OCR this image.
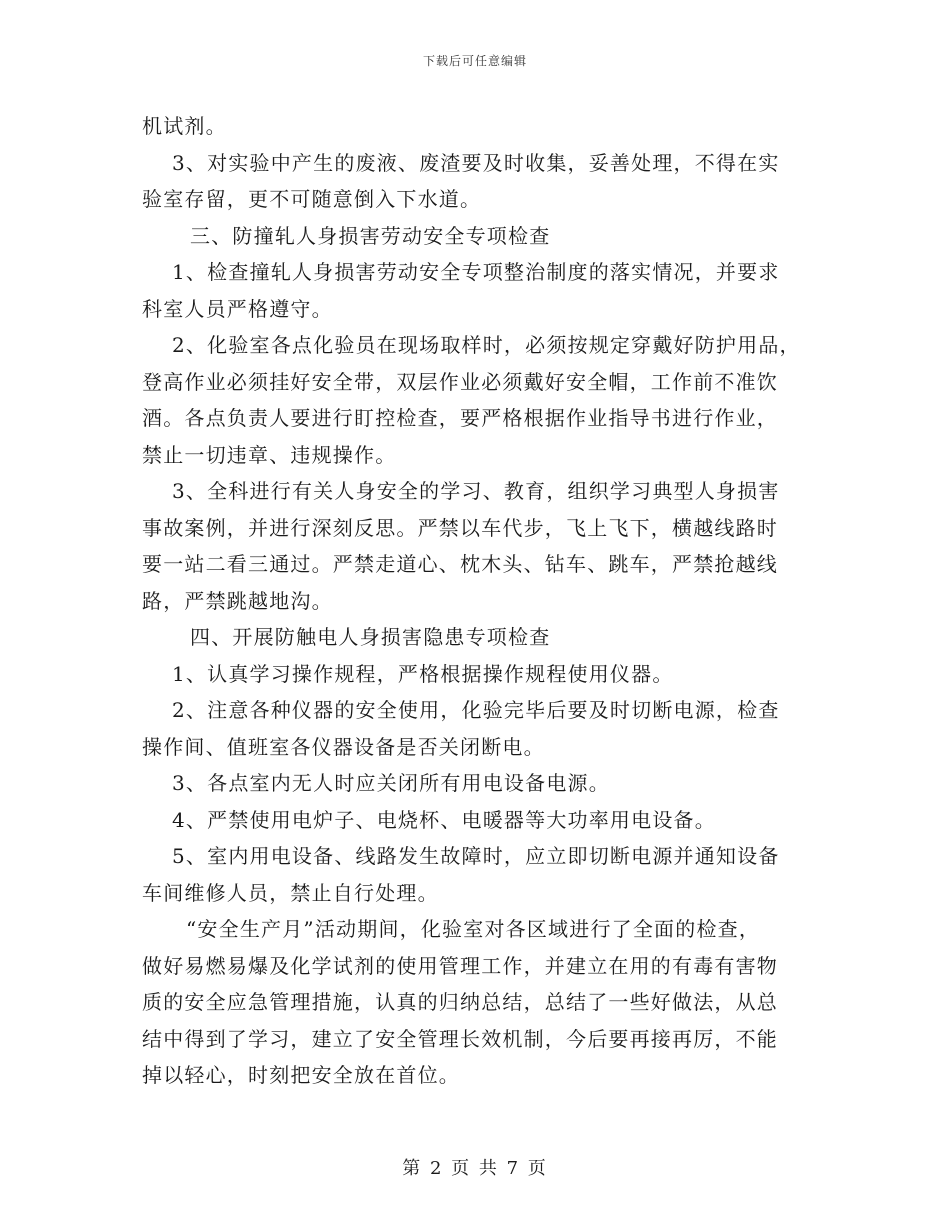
下载后可任意编辑
机试剂。
3、对实验中产生的废液、废渣要及时收集，妥善处理，不得在实
验室存留，更不可随意倒入下水道。
三、防撞轧人身损害劳动安全专项检查
1、检查撞轧人身损害劳动安全专项整治制度的落实情况，并要求
科室人员严格遵守。
2、化验室各点化验员在现场取样时，必须按规定穿戴好防护用品，
登高作业必须挂好安全带，双层作业必须戴好安全帽，工作前不准饮
酒。各点负责人要进行盯控检查，要严格根据作业指导书进行作业，
禁止一切违章、违规操作。
3、全科进行有关人身安全的学习、教育，组织学习典型人身损害
事故案例，并进行深刻反思。严禁以车代步，飞上飞下，横越线路时
要一站二看三通过。严禁走道心、枕木头、钻车、跳车，严禁抢越线
路，严禁跳越地沟。
四、开展防触电人身损害隐患专项检查
1、认真学习操作规程，严格根据操作规程使用仪器。
2、注意各种仪器的安全使用，化验完毕后要及时切断电源，检查
操作间、值班室各仪器设备是否关闭断电。
3、各点室内无人时应关闭所有用电设备电源。
4、严禁使用电炉子、电烧杯、电暖器等大功率用电设备。
5、室内用电设备、线路发生故障时，应立即切断电源并通知设备
车间维修人员，禁止自行处理。
“安全生产月”活动期间，化验室对各区域进行了全面的检查，
做好易燃易爆及化学试剂的使用管理工作，并建立在用的有毒有害物
质的安全应急管理措施，认真的归纳总结，总结了一些好做法，从总
结中得到了学习，建立了安全管理长效机制，今后要再接再厉，不能
掉以轻心，时刻把安全放在首位。
第 2 页 共 7 页
